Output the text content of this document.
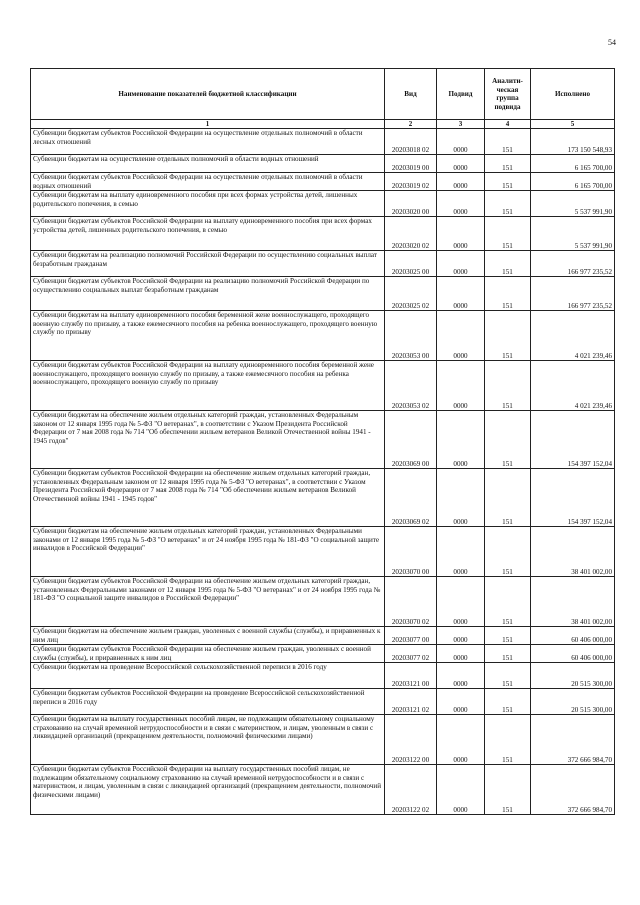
54
Наименование показателей бюджетной классификации	Вид	Подвид	Аналити-ческая группа подвида	Исполнено
1	2	3	4	5
Субвенции бюджетам субъектов Российской Федерации на осуществление отдельных полномочий в области лесных отношений	20203018 02	0000	151	173 150 548,93
Субвенции бюджетам на осуществление отдельных полномочий в области водных отношений	20203019 00	0000	151	6 165 700,00
Субвенции бюджетам субъектов Российской Федерации на осуществление отдельных полномочий в области водных отношений	20203019 02	0000	151	6 165 700,00
Субвенции бюджетам на выплату единовременного пособия при всех формах устройства детей, лишенных родительского попечения, в семью	20203020 00	0000	151	5 537 991,90
Субвенции бюджетам субъектов Российской Федерации на выплату единовременного пособия при всех формах устройства детей, лишенных родительского попечения, в семью	20203020 02	0000	151	5 537 991,90
Субвенции бюджетам на реализацию полномочий Российской Федерации по осуществлению социальных выплат безработным гражданам	20203025 00	0000	151	166 977 235,52
Субвенции бюджетам субъектов Российской Федерации на реализацию полномочий Российской Федерации по осуществлению социальных выплат безработным гражданам	20203025 02	0000	151	166 977 235,52
Субвенции бюджетам на выплату единовременного пособия беременной жене военнослужащего, проходящего военную службу по призыву, а также ежемесячного пособия на ребенка военнослужащего, проходящего военную службу по призыву	20203053 00	0000	151	4 021 239,46
Субвенции бюджетам субъектов Российской Федерации на выплату единовременного пособия беременной жене военнослужащего, проходящего военную службу по призыву, а также ежемесячного пособия на ребенка военнослужащего, проходящего военную службу по призыву	20203053 02	0000	151	4 021 239,46
Субвенции бюджетам на обеспечение жильем отдельных категорий граждан, установленных Федеральным законом от 12 января 1995 года № 5-ФЗ "О ветеранах", в соответствии с Указом Президента Российской Федерации от 7 мая 2008 года № 714 "Об обеспечении жильем ветеранов Великой Отечественной войны 1941 - 1945 годов"	20203069 00	0000	151	154 397 152,04
Субвенции бюджетам субъектов Российской Федерации на обеспечение жильем отдельных категорий граждан, установленных Федеральным законом от 12 января 1995 года № 5-ФЗ "О ветеранах", в соответствии с Указом Президента Российской Федерации от 7 мая 2008 года № 714 "Об обеспечении жильем ветеранов Великой Отечественной войны 1941 - 1945 годов"	20203069 02	0000	151	154 397 152,04
Субвенции бюджетам на обеспечение жильем отдельных категорий граждан, установленных Федеральными законами от 12 января 1995 года № 5-ФЗ "О ветеранах" и от 24 ноября 1995 года № 181-ФЗ "О социальной защите инвалидов в Российской Федерации"	20203070 00	0000	151	38 401 002,00
Субвенции бюджетам субъектов Российской Федерации на обеспечение жильем отдельных категорий граждан, установленных Федеральными законами от 12 января 1995 года № 5-ФЗ "О ветеранах" и от 24 ноября 1995 года № 181-ФЗ "О социальной защите инвалидов в Российской Федерации"	20203070 02	0000	151	38 401 002,00
Субвенции бюджетам на обеспечение жильем граждан, уволенных с военной службы (службы), и приравненных к ним лиц	20203077 00	0000	151	60 406 000,00
Субвенции бюджетам субъектов Российской Федерации на обеспечение жильем граждан, уволенных с военной службы (службы), и приравненных к ним лиц	20203077 02	0000	151	60 406 000,00
Субвенции бюджетам на проведение Всероссийской сельскохозяйственной переписи в 2016 году	20203121 00	0000	151	20 515 300,00
Субвенции бюджетам субъектов Российской Федерации на проведение Всероссийской сельскохозяйственной переписи в 2016 году	20203121 02	0000	151	20 515 300,00
Субвенции бюджетам на выплату государственных пособий лицам, не подлежащим обязательному социальному страхованию на случай временной нетрудоспособности и в связи с материнством, и лицам, уволенным в связи с ликвидацией организаций (прекращением деятельности, полномочий физическими лицами)	20203122 00	0000	151	372 666 984,70
Субвенции бюджетам субъектов Российской Федерации на выплату государственных пособий лицам, не подлежащим обязательному социальному страхованию на случай временной нетрудоспособности и в связи с материнством, и лицам, уволенным в связи с ликвидацией организаций (прекращением деятельности, полномочий физическими лицами)	20203122 02	0000	151	372 666 984,70
